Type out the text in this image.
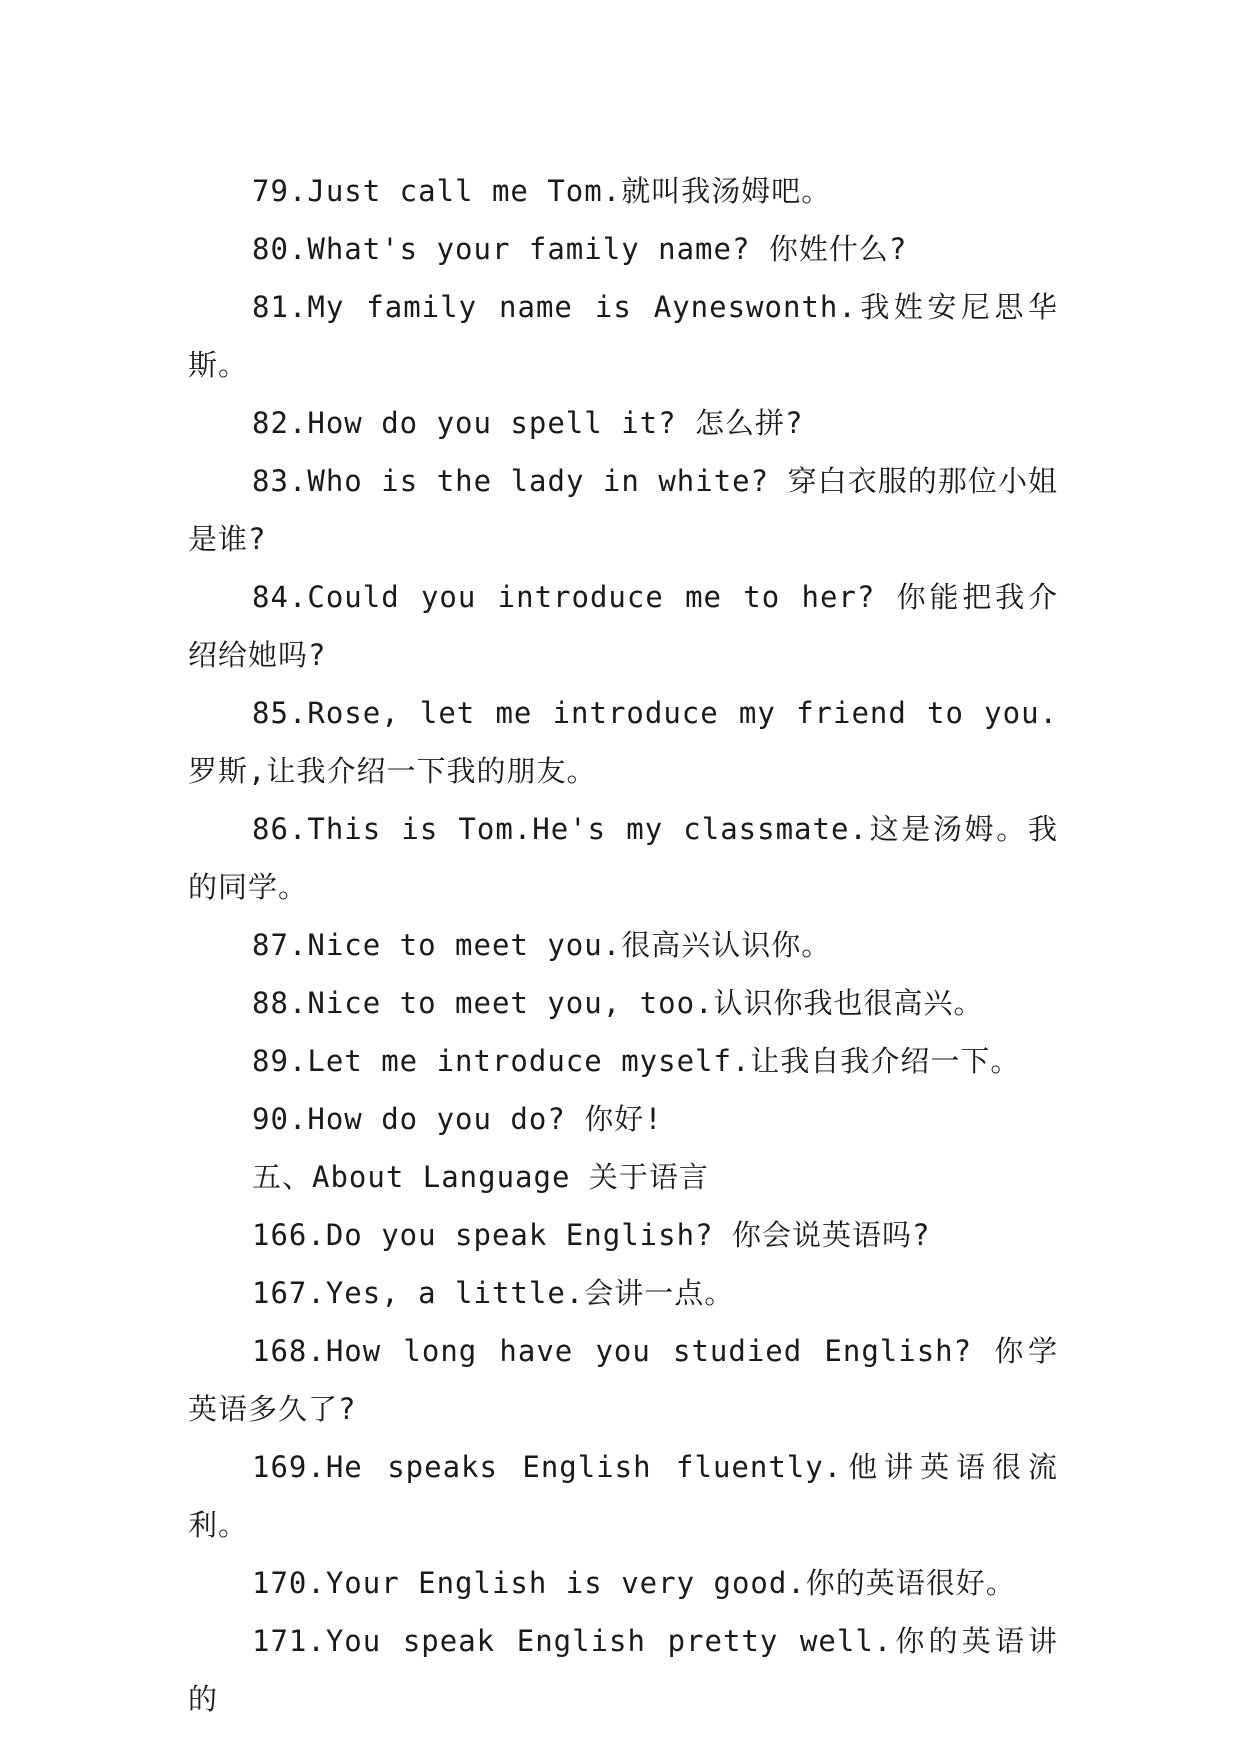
79.Just call me Tom.就叫我汤姆吧。

80.What's your family name? 你姓什么?

81.My family name is Ayneswonth.我姓安尼思华斯。

82.How do you spell it? 怎么拼?

83.Who is the lady in white? 穿白衣服的那位小姐是谁?

84.Could you introduce me to her? 你能把我介绍给她吗?

85.Rose, let me introduce my friend to you.罗斯,让我介绍一下我的朋友。

86.This is Tom.He's my classmate.这是汤姆。我的同学。

87.Nice to meet you.很高兴认识你。

88.Nice to meet you, too.认识你我也很高兴。

89.Let me introduce myself.让我自我介绍一下。

90.How do you do? 你好!

五、About Language 关于语言

166.Do you speak English? 你会说英语吗?

167.Yes, a little.会讲一点。

168.How long have you studied English? 你学英语多久了?

169.He speaks English fluently.他讲英语很流利。

170.Your English is very good.你的英语很好。

171.You speak English pretty well.你的英语讲的
